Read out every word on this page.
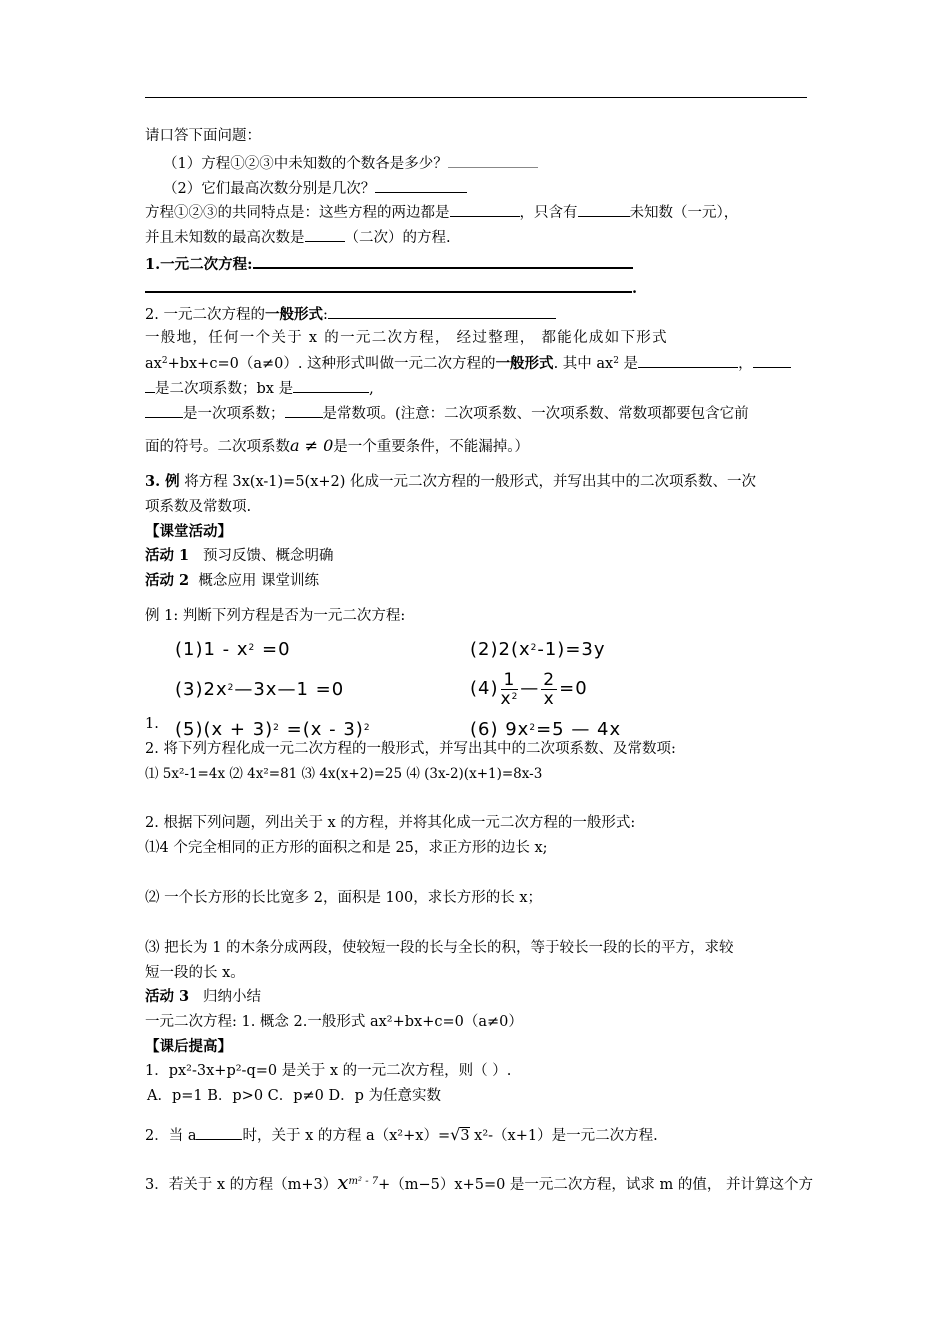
请口答下面问题：
（1）方程①②③中未知数的个数各是多少？
（2）它们最高次数分别是几次？
方程①②③的共同特点是：这些方程的两边都是	，只含有	未知数（一元），
并且未知数的最高次数是	（二次）的方程.
1.一元二次方程:
.
2. 一元二次方程的一般形式:
一般地，任何一个关于 x 的一元二次方程， 经过整理， 都能化成如下形式
$ax^2+bx+c=0(a\ne 0)$. 这种形式叫做一元二次方程的一般形式. 其中 $ax^2$ 是	，
是二次项系数；bx 是	,
是一次项系数；	是常数项。(注意：二次项系数、一次项系数、常数项都要包含它前
面的符号。二次项系数a ≠ 0是一个重要条件，不能漏掉。）
3. 例 将方程 3x(x-1)=5(x+2) 化成一元二次方程的一般形式，并写出其中的二次项系数、一次
项系数及常数项.
【课堂活动】
活动 1 预习反馈、概念明确
活动 2 概念应用 课堂训练
例 1: 判断下列方程是否为一元二次方程:
$(1)1 - x^2 =0$	$(2)2(x^2-1)=3y$
$(3)2x^2—3x—1 =0$	$(4) \frac{1}{x^2}$ — $\frac{2}{x} =0$
1. $(5)(x + 3)^2 =(x - 3)^2$	(6) $9x^2=5$ — 4x
2. 将下列方程化成一元二次方程的一般形式，并写出其中的二次项系数、及常数项:
⑴ 5x²-1=4x ⑵ 4x²=81 ⑶ 4x(x+2)=25 ⑷ (3x-2)(x+1)=8x-3
2. 根据下列问题，列出关于 x 的方程，并将其化成一元二次方程的一般形式:
⑴4 个完全相同的正方形的面积之和是 25，求正方形的边长 x;
⑵ 一个长方形的长比宽多 2，面积是 100，求长方形的长 x；
⑶ 把长为 1 的木条分成两段，使较短一段的长与全长的积，等于较长一段的长的平方，求较
短一段的长 x。
活动 3 归纳小结
一元二次方程: 1. 概念 2.一般形式 ax²+bx+c=0（a≠0）
【课后提高】
1．px²-3x+p²-q=0 是关于 x 的一元二次方程，则（ ）.
A．p=1 B．p>0 C．p≠0 D．p 为任意实数
2．当 a	时，关于 x 的方程 a（x²+x）=√3 x²-（x+1）是一元二次方程.
3．若关于 x 的方程$(m+3)x^{m^2 - 7}+(m-5)x+5=0$ 是一元二次方程，试求 m 的值， 并计算这个方
